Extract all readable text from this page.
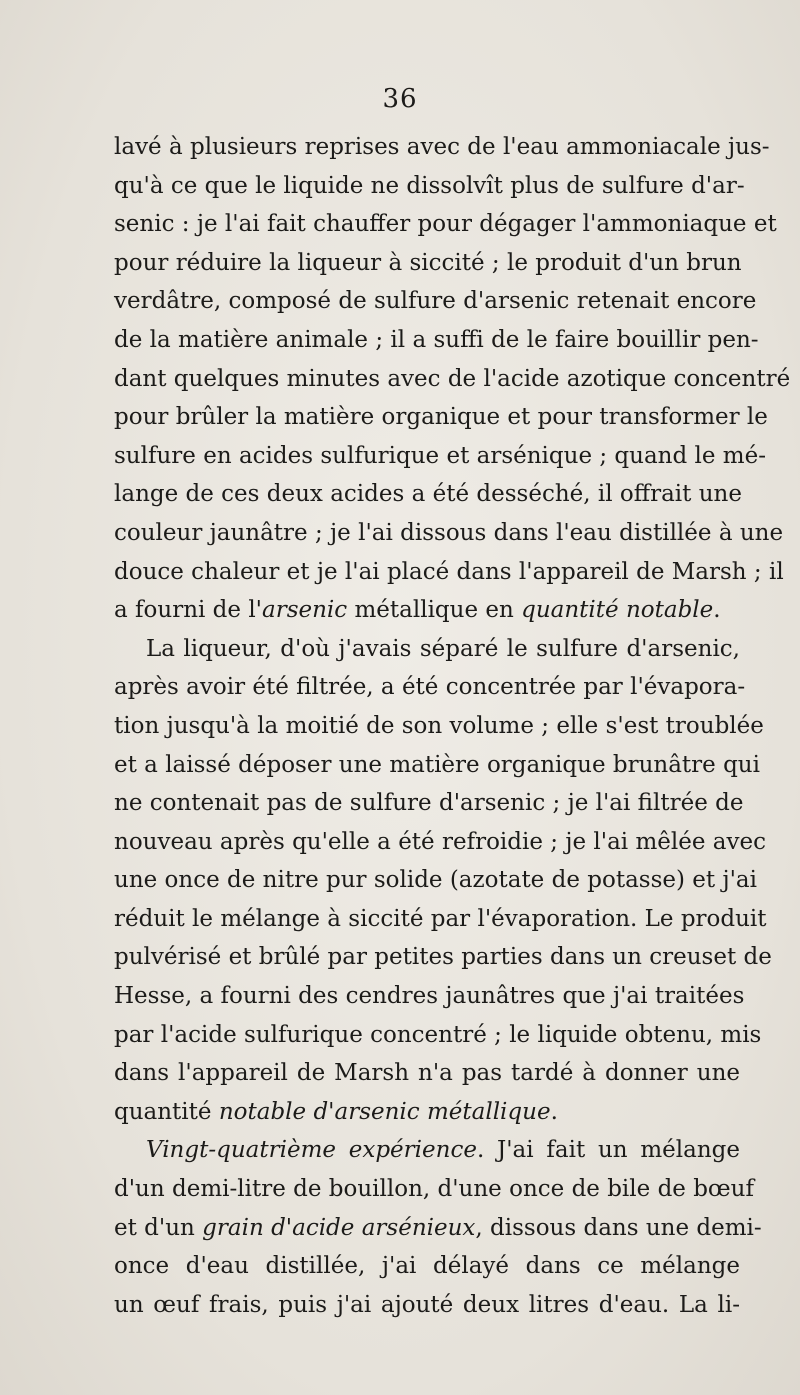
36
lavé à plusieurs reprises avec de l'eau ammoniacale jus-
qu'à ce que le liquide ne dissolvît plus de sulfure d'ar-
senic : je l'ai fait chauffer pour dégager l'ammoniaque et
pour réduire la liqueur à siccité ; le produit d'un brun
verdâtre, composé de sulfure d'arsenic retenait encore
de la matière animale ; il a suffi de le faire bouillir pen-
dant quelques minutes avec de l'acide azotique concentré
pour brûler la matière organique et pour transformer le
sulfure en acides sulfurique et arsénique ; quand le mé-
lange de ces deux acides a été desséché, il offrait une
couleur jaunâtre ; je l'ai dissous dans l'eau distillée à une
douce chaleur et je l'ai placé dans l'appareil de Marsh ; il
a fourni de l'arsenic métallique en quantité notable.
La liqueur, d'où j'avais séparé le sulfure d'arsenic,
après avoir été filtrée, a été concentrée par l'évapora-
tion jusqu'à la moitié de son volume ; elle s'est troublée
et a laissé déposer une matière organique brunâtre qui
ne contenait pas de sulfure d'arsenic ; je l'ai filtrée de
nouveau après qu'elle a été refroidie ; je l'ai mêlée avec
une once de nitre pur solide (azotate de potasse) et j'ai
réduit le mélange à siccité par l'évaporation. Le produit
pulvérisé et brûlé par petites parties dans un creuset de
Hesse, a fourni des cendres jaunâtres que j'ai traitées
par l'acide sulfurique concentré ; le liquide obtenu, mis
dans l'appareil de Marsh n'a pas tardé à donner une
quantité notable d'arsenic métallique.
Vingt-quatrième expérience. J'ai fait un mélange
d'un demi-litre de bouillon, d'une once de bile de bœuf
et d'un grain d'acide arsénieux, dissous dans une demi-
once d'eau distillée, j'ai délayé dans ce mélange
un œuf frais, puis j'ai ajouté deux litres d'eau. La li-
